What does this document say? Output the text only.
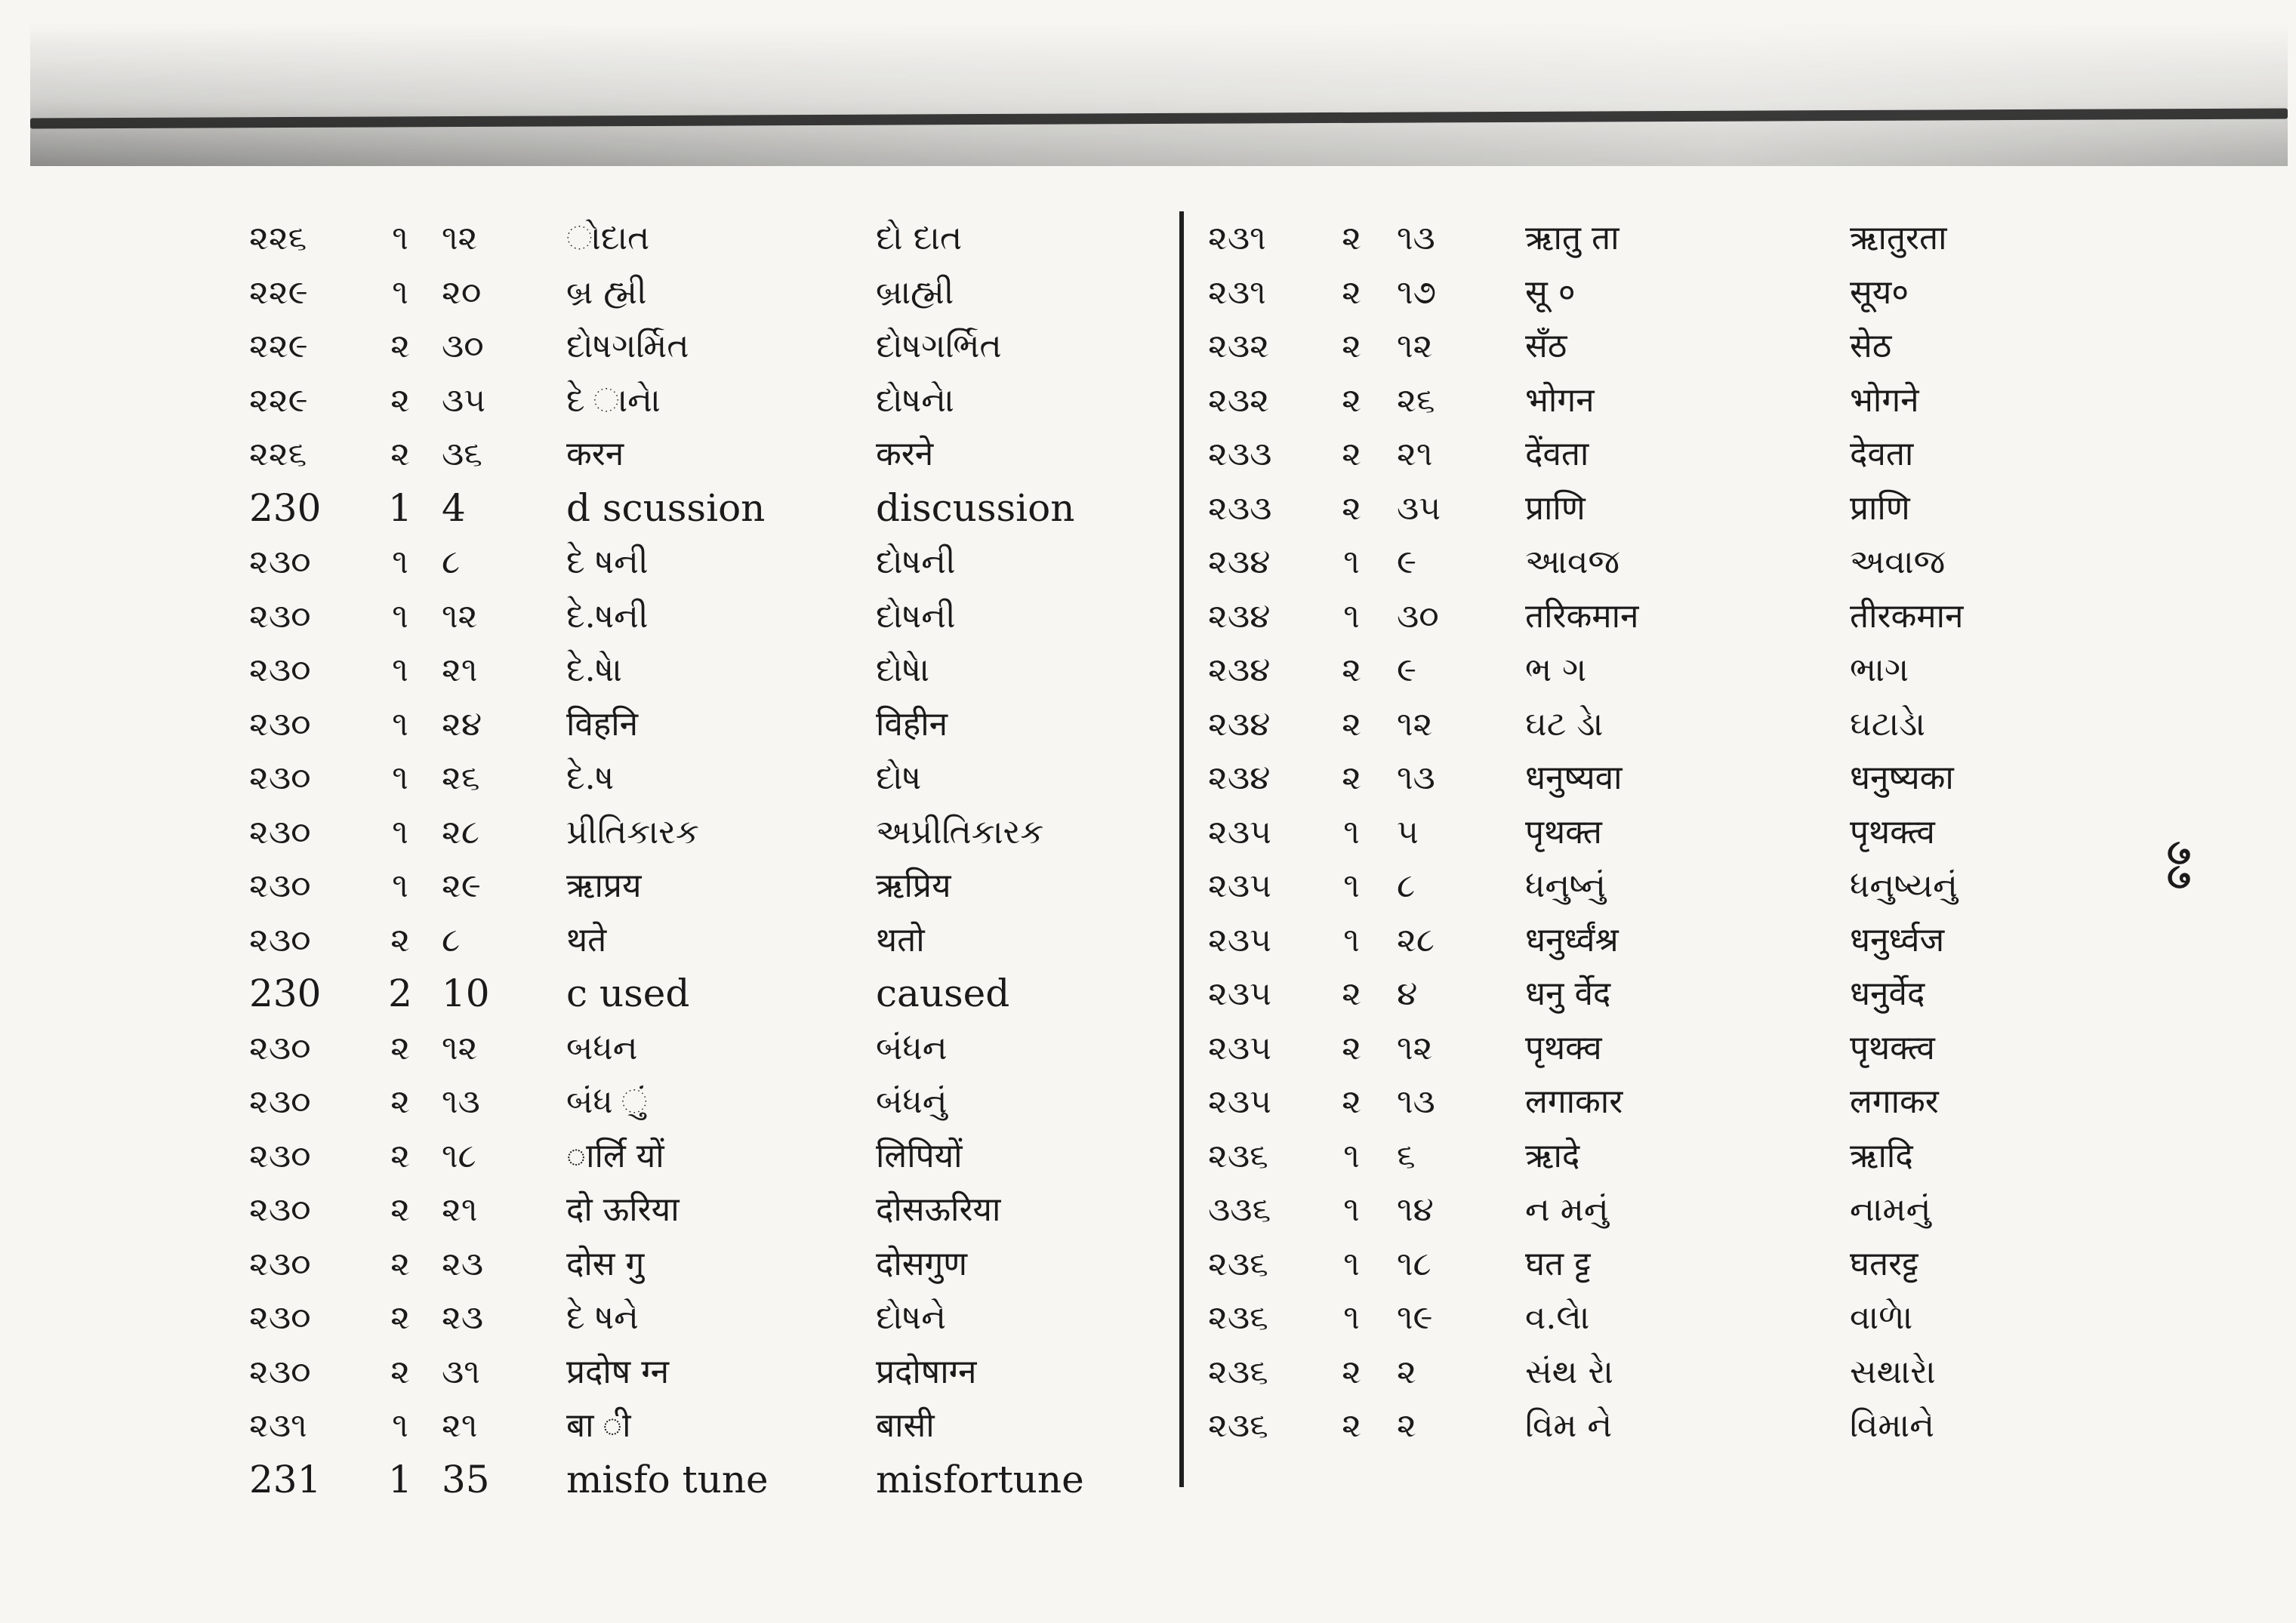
૨૨૬	૧	૧૨	ોદાત	દો દાત
૨૨૯	૧	૨૦	બ્ર હ્મી	બ્રાહ્મી
૨૨૯	૨ ૩૦	દોષગર્મિત	દોષગર્ભિત
૨૨૯	૨ ૩૫	દે ાનેા	દોષનેા
૨૨૬	૨ ૩૬	करन	करने
230	1 4	d scussion	discussion
૨૩૦	૧	૮	દે ષની	દોષની
૨૩૦	૧	૧૨	દે.ષની	દોષની
૨૩૦	૧	૨૧	દે.ષેા	દોષેા
૨૩૦	૧	૨૪	विहनि	विहीन
૨૩૦	૧	૨૬	દે.ષ	દોષ
૨૩૦	૧	૨૮	પ્રીતિકારક	અપ્રીતિકારક
૨૩૦	૧	૨૯	ऋाप्रय	ऋप्रिय
૨૩૦	૨ ૮	थते	थतो
230	2 10	c used	caused
૨૩૦	૨ ૧૨	બધન	બંધન
૨૩૦	૨ ૧૩	બંધ ું	બંધનું
૨૩૦	૨ ૧૮	ार्लि यों	लिपियों
૨૩૦	૨ ૨૧	दो ऊरिया	दोसऊरिया
૨૩૦	૨ ૨૩	दोस गु	दोसगुण
૨૩૦	૨ ૨૩	દે ષને	દોષને
૨૩૦	૨ ૩૧	प्रदोष ग्न	प्रदोषाग्न
૨૩૧	૧	૨૧	बा ी	बासी
231	1 35	misfo tune	misfortune
૨૩૧	૨	૧૩	ऋातु ता	ऋातुरता
૨૩૧	૨	૧૭	सू ०	सूय०
૨૩૨	૨	૧૨	सँठ	सेठ
૨૩૨	૨	૨૬	भोगन	भोगने
૨૩૩	૨	૨૧	देंवता	देवता
૨૩૩	૨	૩૫	प्राणि	प्राणि
૨૩૪	૧	૯	આવજ	અવાજ
૨૩૪	૧	૩૦	तरिकमान	तीरकमान
૨૩૪	૨	૯	ભ ગ	ભાગ
૨૩૪	૨	૧૨	ઘટ ડેા	ઘટાડેા
૨૩૪	૨	૧૩	धनुष्यवा	धनुष्यका
૨૩૫	૧	૫	पृथक्त	पृथक्त्व
૨૩૫	૧	૮	ધનુષ્નું	ધનુષ્યનું
૨૩૫	૧	૨૮	धनुर्ध्वंश्र	धनुर्ध्वज
૨૩૫	૨	૪	धनु र्वेद	धनुर्वेद
૨૩૫	૨	૧૨	पृथक्व	पृथक्त्व
૨૩૫	૨	૧૩	लगाकार	लगाकर
૨૩૬	૧	૬	ऋादे	ऋादि
૩૩૬	૧	૧૪	ન મનું	નામનું
૨૩૬	૧	૧૮	घत ट्ट	घतरट्ट
૨૩૬	૧	૧૯	વ.લેા	વાળેા
૨૩૬	૨	૨	સંથ રેા	સથારેા
૨૩૬	૨	૨	વિમ ને	વિમાને
૭૭
